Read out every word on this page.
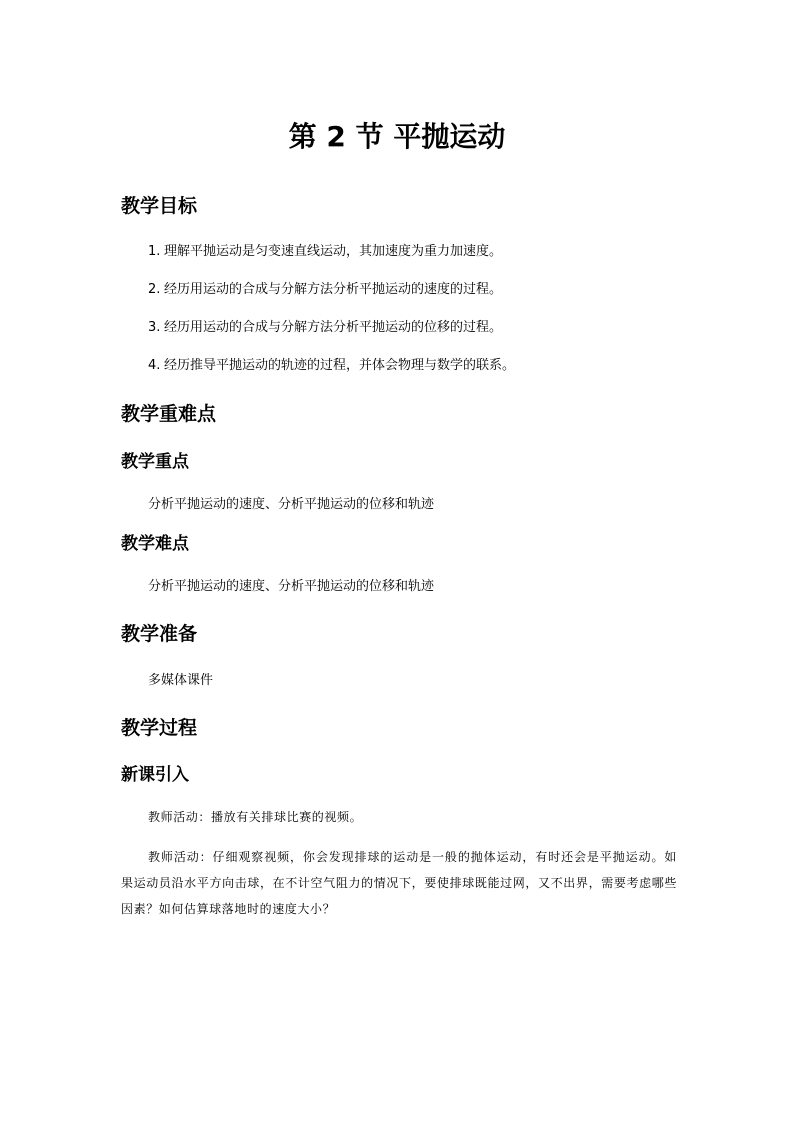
第 2 节 平抛运动
教学目标
1. 理解平抛运动是匀变速直线运动，其加速度为重力加速度。
2. 经历用运动的合成与分解方法分析平抛运动的速度的过程。
3. 经历用运动的合成与分解方法分析平抛运动的位移的过程。
4. 经历推导平抛运动的轨迹的过程，并体会物理与数学的联系。
教学重难点
教学重点
分析平抛运动的速度、分析平抛运动的位移和轨迹
教学难点
分析平抛运动的速度、分析平抛运动的位移和轨迹
教学准备
多媒体课件
教学过程
新课引入
教师活动：播放有关排球比赛的视频。
教师活动：仔细观察视频，你会发现排球的运动是一般的抛体运动，有时还会是平抛运动。如果运动员沿水平方向击球，在不计空气阻力的情况下，要使排球既能过网，又不出界，需要考虑哪些因素？如何估算球落地时的速度大小？
